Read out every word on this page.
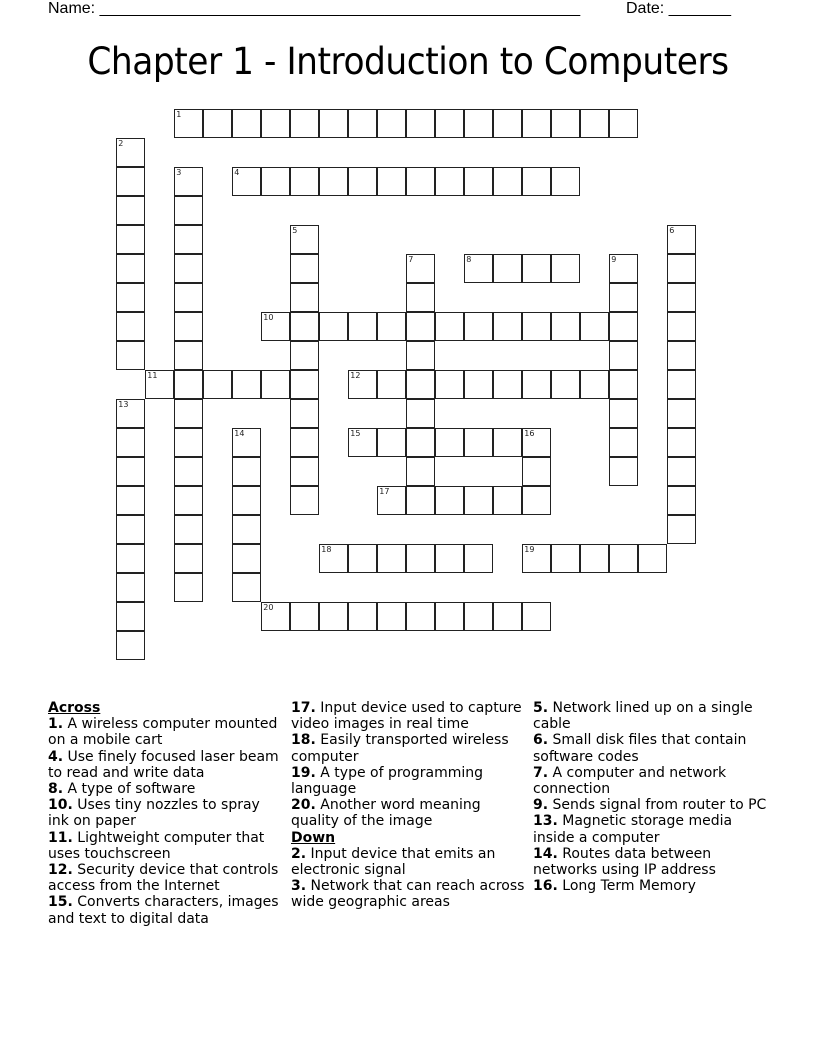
Name: ______________________________________________________	Date: _______
Chapter 1 - Introduction to Computers
1
2
3	4
5	6
7	8	9
10
11	12
13
14	15	16
17
18	19
20
Across
1. A wireless computer mounted on a mobile cart
4. Use finely focused laser beam to read and write data
8. A type of software
10. Uses tiny nozzles to spray ink on paper
11. Lightweight computer that uses touchscreen
12. Security device that controls access from the Internet
15. Converts characters, images and text to digital data
17. Input device used to capture video images in real time
18. Easily transported wireless computer
19. A type of programming language
20. Another word meaning quality of the image
Down
2. Input device that emits an electronic signal
3. Network that can reach across wide geographic areas
5. Network lined up on a single cable
6. Small disk files that contain software codes
7. A computer and network connection
9. Sends signal from router to PC
13. Magnetic storage media inside a computer
14. Routes data between networks using IP address
16. Long Term Memory
